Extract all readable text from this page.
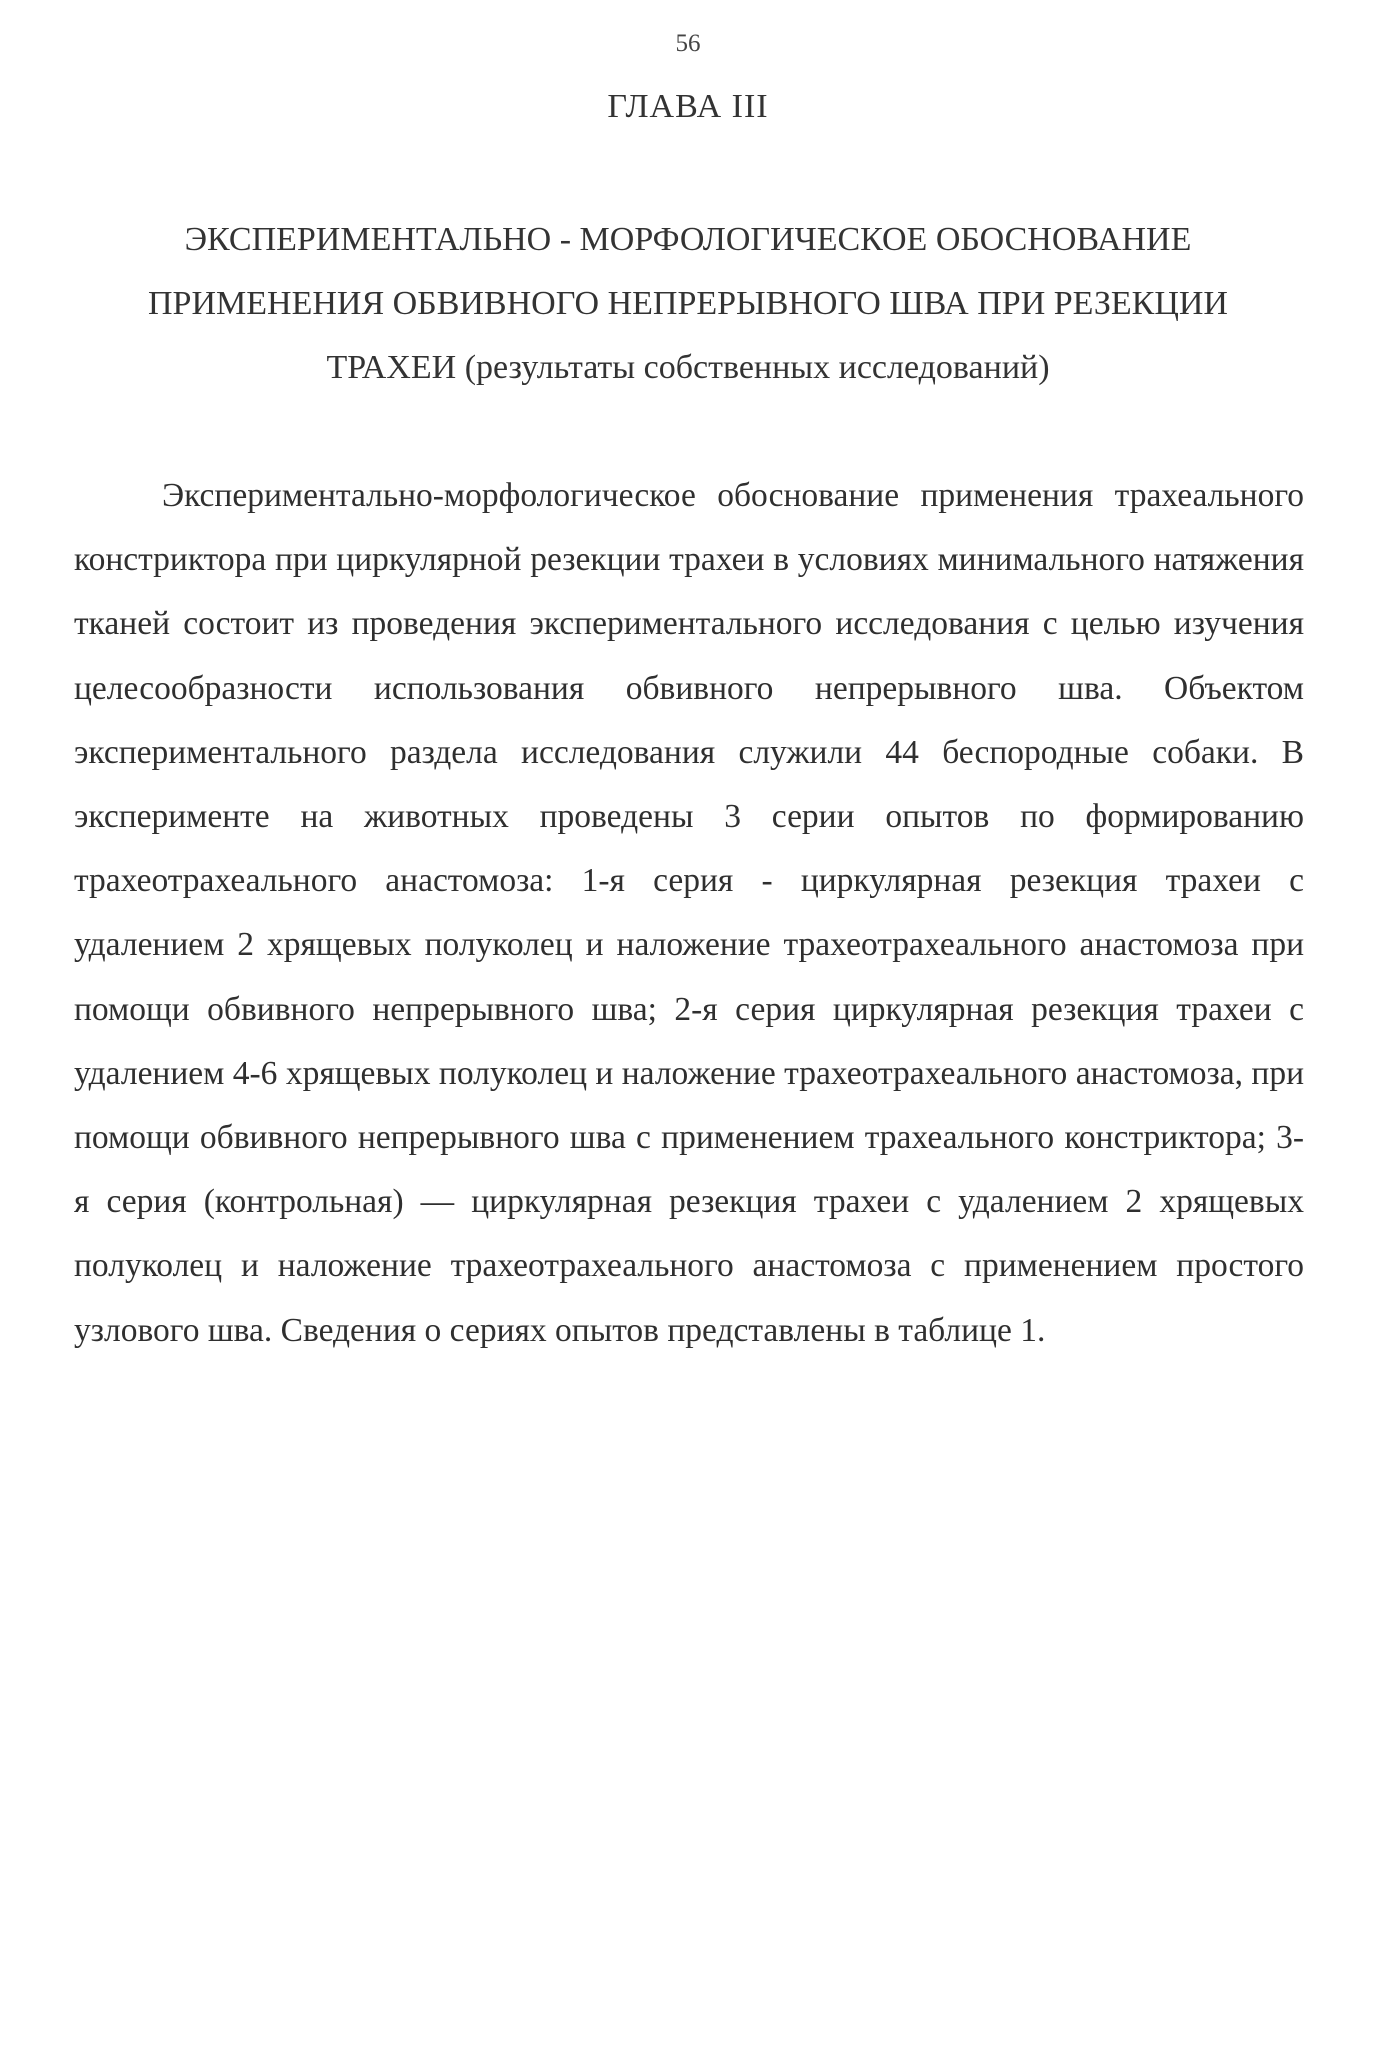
56
ГЛАВА III
ЭКСПЕРИМЕНТАЛЬНО - МОРФОЛОГИЧЕСКОЕ ОБОСНОВАНИЕ
ПРИМЕНЕНИЯ ОБВИВНОГО НЕПРЕРЫВНОГО ШВА ПРИ РЕЗЕКЦИИ
ТРАХЕИ (результаты собственных исследований)

Экспериментально-морфологическое обоснование применения трахеального констриктора при циркулярной резекции трахеи в условиях минимального натяжения тканей состоит из проведения экспериментального исследования с целью изучения целесообразности использования обвивного непрерывного шва. Объектом экспериментального раздела исследования служили 44 беспородные собаки. В эксперименте на животных проведены 3 серии опытов по формированию трахеотрахеального анастомоза: 1-я серия - циркулярная резекция трахеи с удалением 2 хрящевых полуколец и наложение трахеотрахеального анастомоза при помощи обвивного непрерывного шва; 2-я серия циркулярная резекция трахеи с удалением 4-6 хрящевых полуколец и наложение трахеотрахеального анастомоза, при помощи обвивного непрерывного шва с применением трахеального констриктора; 3-я серия (контрольная) — циркулярная резекция трахеи с удалением 2 хрящевых полуколец и наложение трахеотрахеального анастомоза с применением простого узлового шва. Сведения о сериях опытов представлены в таблице 1.
